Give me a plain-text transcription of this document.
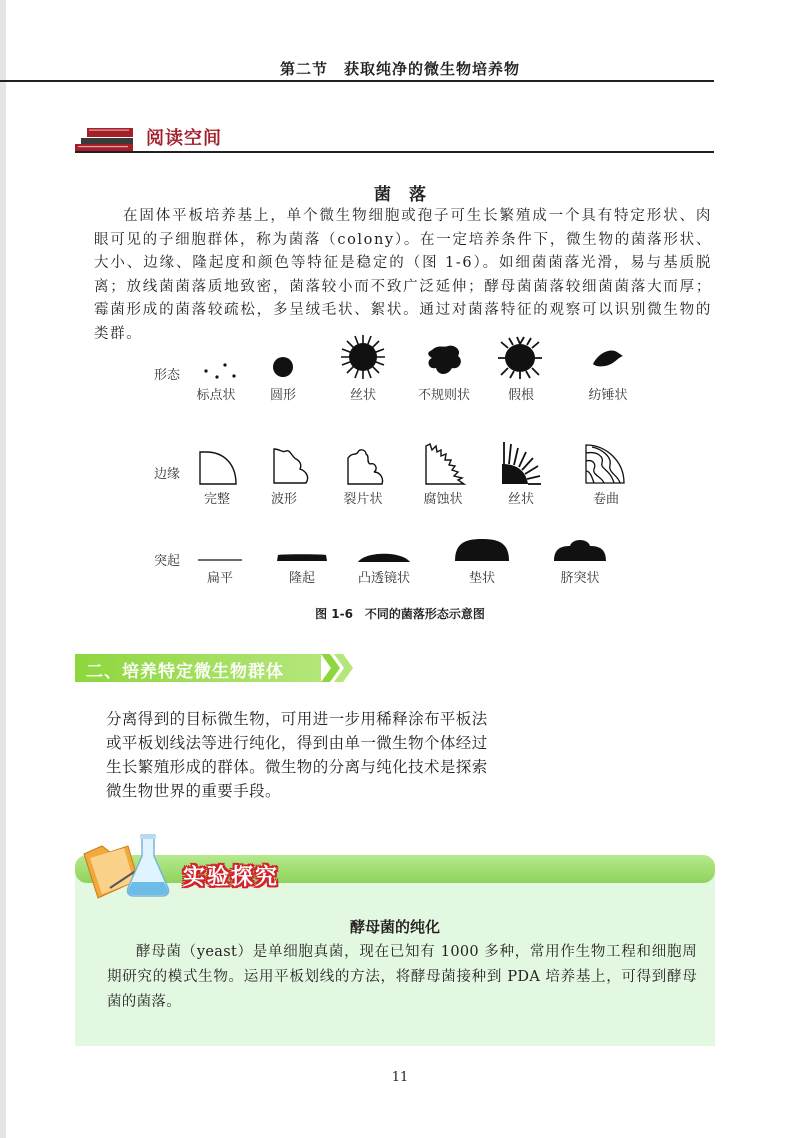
第二节　获取纯净的微生物培养物
阅读空间
菌落
在固体平板培养基上，单个微生物细胞或孢子可生长繁殖成一个具有特定形状、肉眼可见的子细胞群体，称为菌落（colony）。在一定培养条件下，微生物的菌落形状、大小、边缘、隆起度和颜色等特征是稳定的（图 1-6）。如细菌菌落光滑，易与基质脱离；放线菌菌落质地致密，菌落较小而不致广泛延伸；酵母菌菌落较细菌菌落大而厚；霉菌形成的菌落较疏松，多呈绒毛状、絮状。通过对菌落特征的观察可以识别微生物的类群。
形态
边缘
突起
标点状	圆形	丝状	不规则状	假根	纺锤状
完整	波形	裂片状	腐蚀状	丝状	卷曲
扁平	隆起	凸透镜状	垫状	脐突状
图 1-6　不同的菌落形态示意图
二、培养特定微生物群体
分离得到的目标微生物，可用进一步用稀释涂布平板法或平板划线法等进行纯化，得到由单一微生物个体经过生长繁殖形成的群体。微生物的分离与纯化技术是探索微生物世界的重要手段。
实验探究
酵母菌的纯化
酵母菌（yeast）是单细胞真菌，现在已知有 1000 多种，常用作生物工程和细胞周期研究的模式生物。运用平板划线的方法，将酵母菌接种到 PDA 培养基上，可得到酵母菌的菌落。
11
